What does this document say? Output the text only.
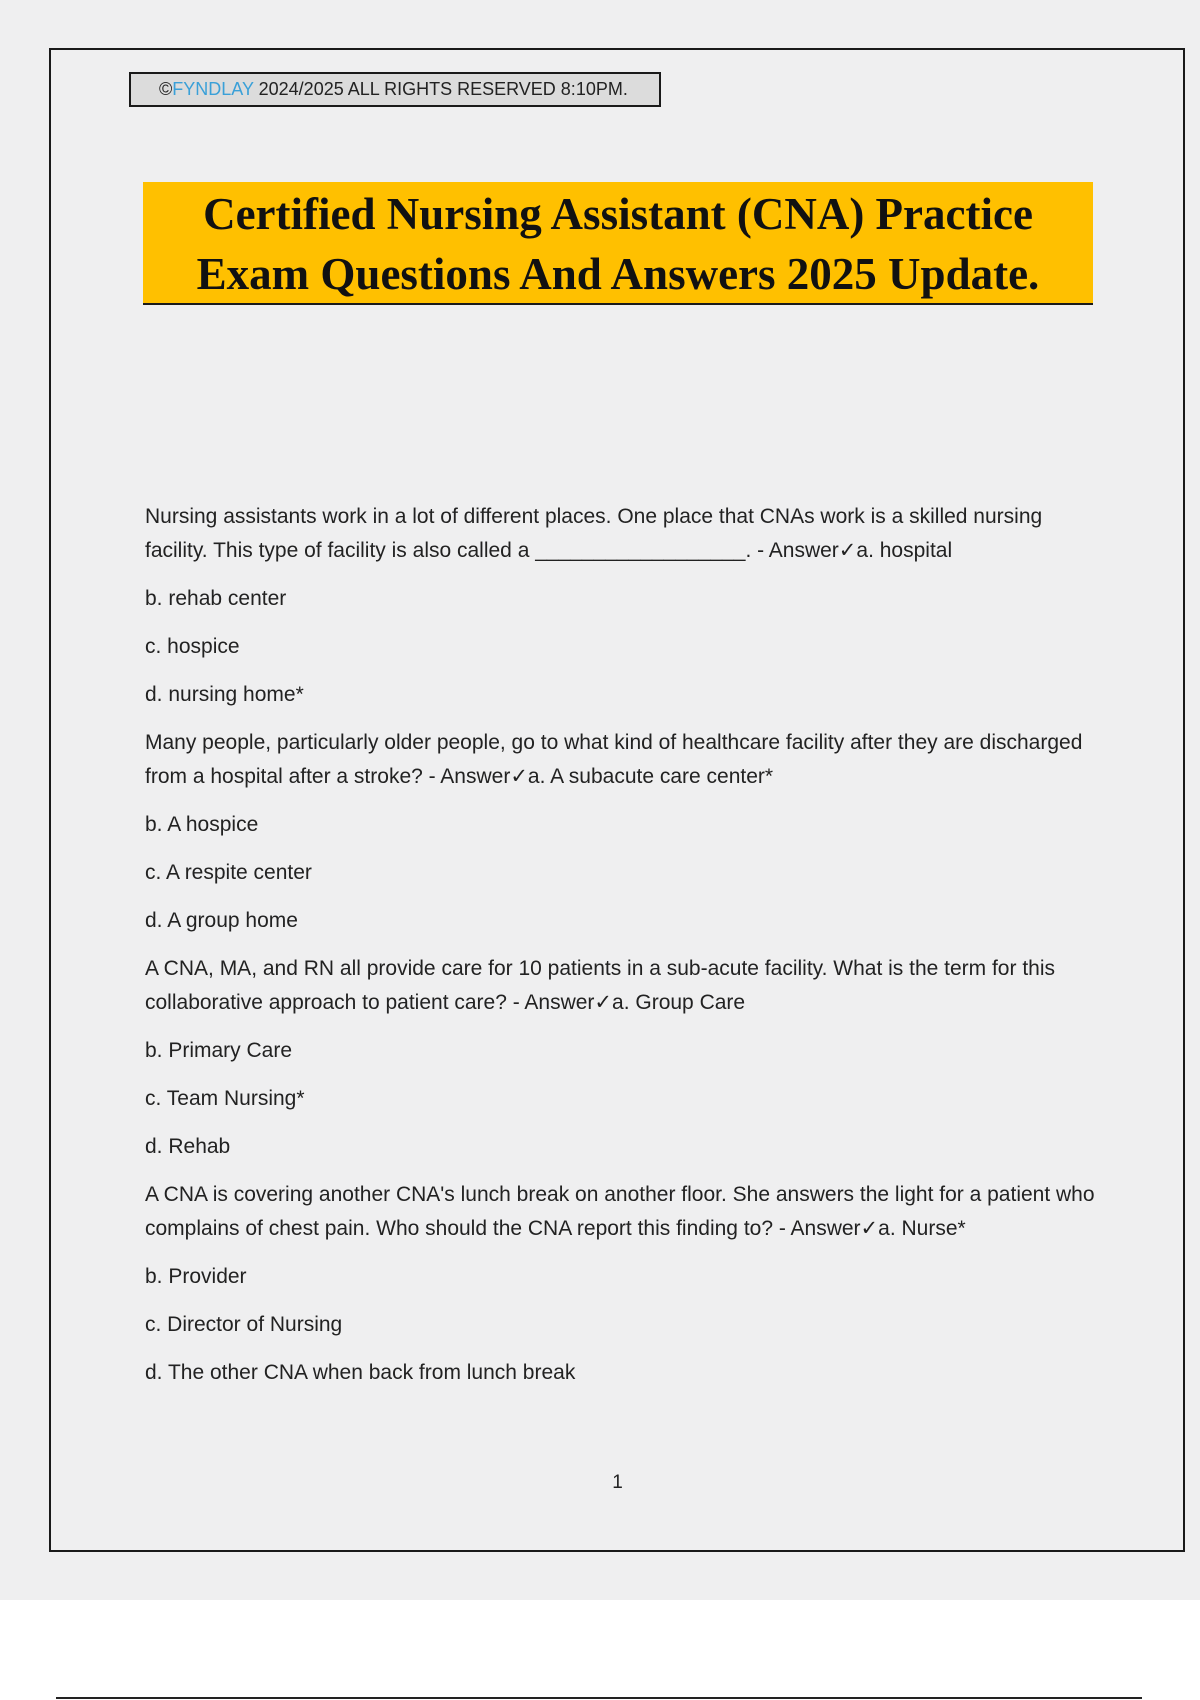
©FYNDLAY 2024/2025 ALL RIGHTS RESERVED 8:10PM.
Certified Nursing Assistant (CNA) Practice
Exam Questions And Answers 2025 Update.

Nursing assistants work in a lot of different places. One place that CNAs work is a skilled nursing facility. This type of facility is also called a __________________. - Answer✓a. hospital

b. rehab center

c. hospice

d. nursing home*

Many people, particularly older people, go to what kind of healthcare facility after they are discharged from a hospital after a stroke? - Answer✓a. A subacute care center*

b. A hospice

c. A respite center

d. A group home

A CNA, MA, and RN all provide care for 10 patients in a sub-acute facility. What is the term for this collaborative approach to patient care? - Answer✓a. Group Care

b. Primary Care

c. Team Nursing*

d. Rehab

A CNA is covering another CNA's lunch break on another floor. She answers the light for a patient who complains of chest pain. Who should the CNA report this finding to? - Answer✓a. Nurse*

b. Provider

c. Director of Nursing

d. The other CNA when back from lunch break

1
